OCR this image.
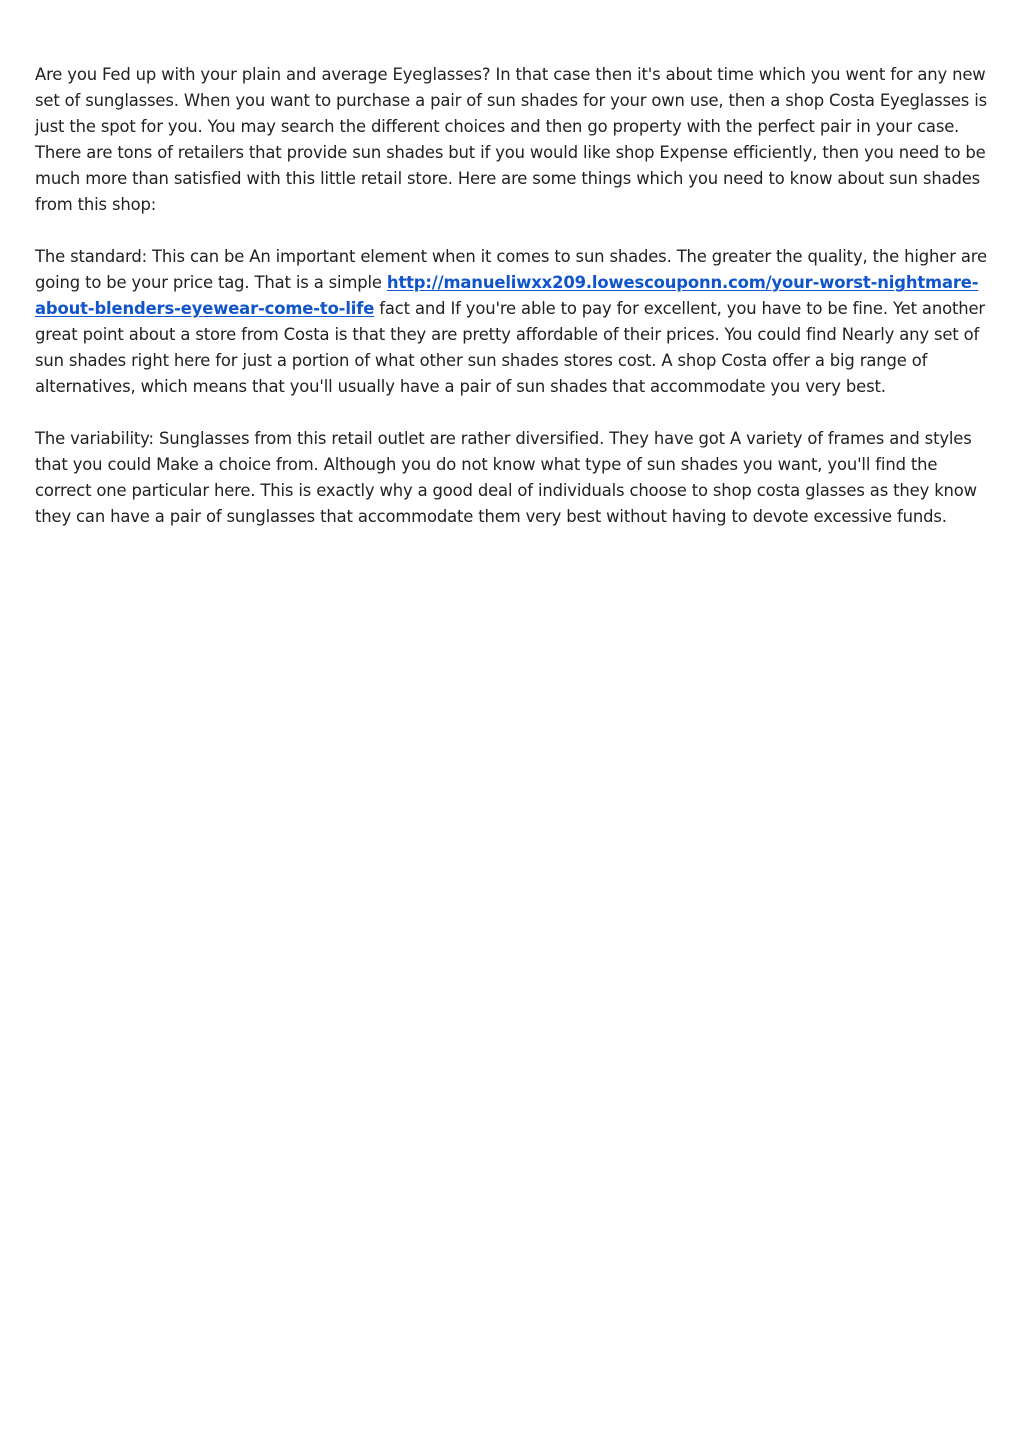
Are you Fed up with your plain and average Eyeglasses? In that case then it's about time which you went for any new set of sunglasses. When you want to purchase a pair of sun shades for your own use, then a shop Costa Eyeglasses is just the spot for you. You may search the different choices and then go property with the perfect pair in your case. There are tons of retailers that provide sun shades but if you would like shop Expense efficiently, then you need to be much more than satisfied with this little retail store. Here are some things which you need to know about sun shades from this shop:

The standard: This can be An important element when it comes to sun shades. The greater the quality, the higher are going to be your price tag. That is a simple http://manueliwxx209.lowescouponn.com/your-worst-nightmare-about-blenders-eyewear-come-to-life fact and If you're able to pay for excellent, you have to be fine. Yet another great point about a store from Costa is that they are pretty affordable of their prices. You could find Nearly any set of sun shades right here for just a portion of what other sun shades stores cost. A shop Costa offer a big range of alternatives, which means that you'll usually have a pair of sun shades that accommodate you very best.

The variability: Sunglasses from this retail outlet are rather diversified. They have got A variety of frames and styles that you could Make a choice from. Although you do not know what type of sun shades you want, you'll find the correct one particular here. This is exactly why a good deal of individuals choose to shop costa glasses as they know they can have a pair of sunglasses that accommodate them very best without having to devote excessive funds.
